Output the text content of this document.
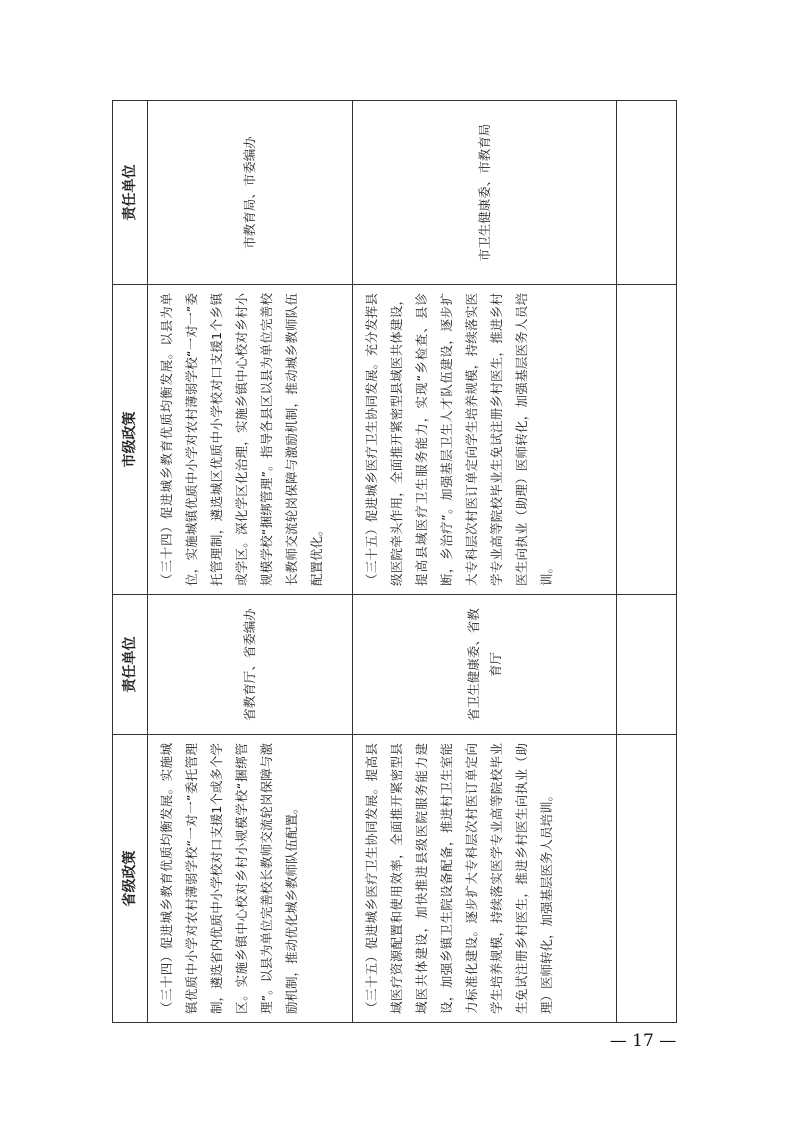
省级政策	责任单位	市级政策	责任单位
（三十四）促进城乡教育优质均衡发展。实施城镇优质中小学对农村薄弱学校“一对一”委托管理制，遴选省内优质中小学校对口支援1个或多个学区。实施乡镇中心校对乡村小规模学校“捆绑管理”。以县为单位完善校长教师交流轮岗保障与激励机制，推动优化城乡教师队伍配置。	省教育厅、省委编办	（三十四）促进城乡教育优质均衡发展。以县为单位，实施城镇优质中小学对农村薄弱学校“一对一”委托管理制，遴选城区优质中小学校对口支援1个乡镇或学区。深化学区化治理，实施乡镇中心校对乡村小规模学校“捆绑管理”。指导各县区以县为单位完善校长教师交流轮岗保障与激励机制，推动城乡教师队伍配置优化。	市教育局、市委编办
（三十五）促进城乡医疗卫生协同发展。提高县域医疗资源配置和使用效率，全面推开紧密型县域医共体建设，加快推进县级医院服务能力建设，加强乡镇卫生院设备配备，推进村卫生室能力标准化建设。逐步扩大专科层次村医订单定向学生培养规模，持续落实医学专业高等院校毕业生免试注册乡村医生，推进乡村医生向执业（助理）医师转化，加强基层医务人员培训。	省卫生健康委、省教育厅	（三十五）促进城乡医疗卫生协同发展。充分发挥县级医院牵头作用，全面推开紧密型县域医共体建设，提高县域医疗卫生服务能力，实现“乡检查、县诊断，乡治疗”。加强基层卫生人才队伍建设，逐步扩大专科层次村医订单定向学生培养规模，持续落实医学专业高等院校毕业生免试注册乡村医生，推进乡村医生向执业（助理）医师转化，加强基层医务人员培训。	市卫生健康委、市教育局

— 17 —
